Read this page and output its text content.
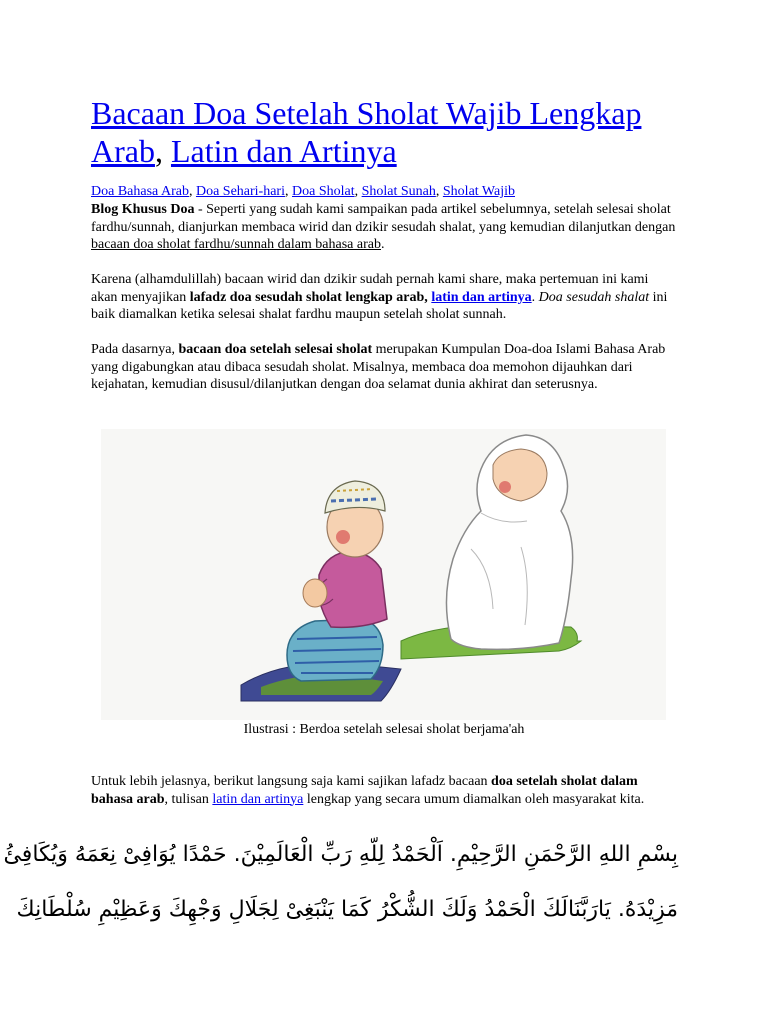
Bacaan Doa Setelah Sholat Wajib Lengkap Arab, Latin dan Artinya
Doa Bahasa Arab, Doa Sehari-hari, Doa Sholat, Sholat Sunah, Sholat Wajib

Blog Khusus Doa - Seperti yang sudah kami sampaikan pada artikel sebelumnya, setelah selesai sholat fardhu/sunnah, dianjurkan membaca wirid dan dzikir sesudah shalat, yang kemudian dilanjutkan dengan bacaan doa sholat fardhu/sunnah dalam bahasa arab.

Karena (alhamdulillah) bacaan wirid dan dzikir sudah pernah kami share, maka pertemuan ini kami akan menyajikan lafadz doa sesudah sholat lengkap arab, latin dan artinya. Doa sesudah shalat ini baik diamalkan ketika selesai shalat fardhu maupun setelah sholat sunnah.

Pada dasarnya, bacaan doa setelah selesai sholat merupakan Kumpulan Doa-doa Islami Bahasa Arab yang digabungkan atau dibaca sesudah sholat. Misalnya, membaca doa memohon dijauhkan dari kejahatan, kemudian disusul/dilanjutkan dengan doa selamat dunia akhirat dan seterusnya.

Ilustrasi : Berdoa setelah selesai sholat berjama'ah

Untuk lebih jelasnya, berikut langsung saja kami sajikan lafadz bacaan doa setelah sholat dalam bahasa arab, tulisan latin dan artinya lengkap yang secara umum diamalkan oleh masyarakat kita.

بِسْمِ اللهِ الرَّحْمَنِ الرَّحِيْمِ. اَلْحَمْدُ لِلّهِ رَبِّ الْعَالَمِيْنَ. حَمْدًا يُوَافِىْ نِعَمَهُ وَيُكَافِئُ
مَزِيْدَهُ. يَارَبَّنَالَكَ الْحَمْدُ وَلَكَ الشُّكْرُ كَمَا يَنْبَغِىْ لِجَلَالِ وَجْهِكَ وَعَظِيْمِ سُلْطَانِكَ
